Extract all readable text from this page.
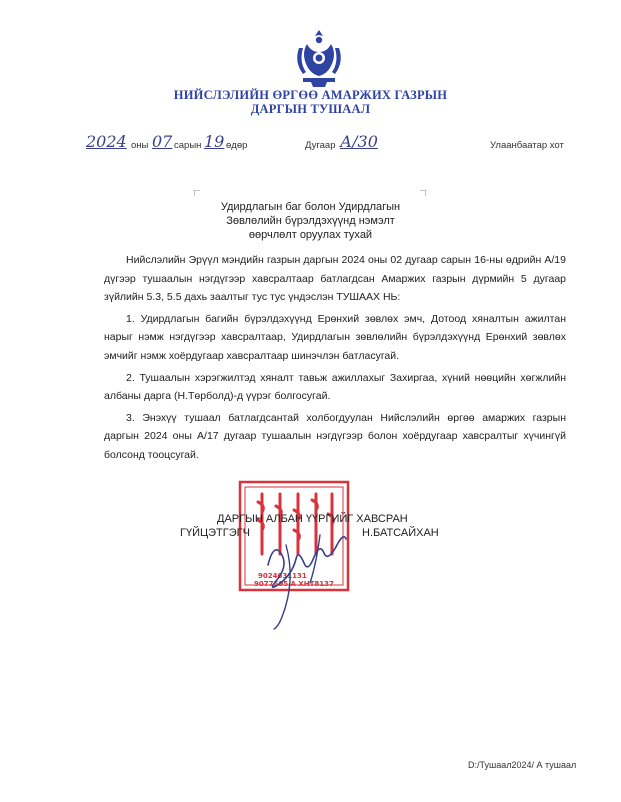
НИЙСЛЭЛИЙН ӨРГӨӨ АМАРЖИХ ГАЗРЫН
ДАРГЫН ТУШААЛ
2024 оны 07 сарын 19 өдөр	Дугаар А/30	Улаанбаатар хот
Удирдлагын баг болон Удирдлагын
Зөвлөлийн бүрэлдэхүүнд нэмэлт
өөрчлөлт оруулах тухай

Нийслэлийн Эрүүл мэндийн газрын даргын 2024 оны 02 дугаар сарын 16-ны өдрийн А/19 дүгээр тушаалын нэгдүгээр хавсралтаар батлагдсан Амаржих газрын дүрмийн 5 дугаар зүйлийн 5.3, 5.5 дахь заалтыг тус тус үндэслэн ТУШААХ НЬ:

1. Удирдлагын багийн бүрэлдэхүүнд Ерөнхий зөвлөх эмч, Дотоод хяналтын ажилтан нарыг нэмж нэгдүгээр хавсралтаар, Удирдлагын зөвлөлийн бүрэлдэхүүнд Ерөнхий зөвлөх эмчийг нэмж хоёрдугаар хавсралтаар шинэчлэн батласугай.

2. Тушаалын хэрэгжилтэд хяналт тавьж ажиллахыг Захиргаа, хүний нөөцийн хөгжлийн албаны дарга (Н.Төрболд)-д үүрэг болгосугай.

3. Энэхүү тушаал батлагдсантай холбогдуулан Нийслэлийн өргөө амаржих газрын даргын 2024 оны А/17 дугаар тушаалын нэгдүгээр болон хоёрдугаар хавсралтыг хүчингүй болсонд тооцсугай.

9024631131
9077505 А ХНТ8137
ДАРГЫН АЛБАН ҮҮРГИЙГ ХАВСРАН
ГҮЙЦЭТГЭГЧ	Н.БАТСАЙХАН
D:/Тушаал2024/ А тушаал
